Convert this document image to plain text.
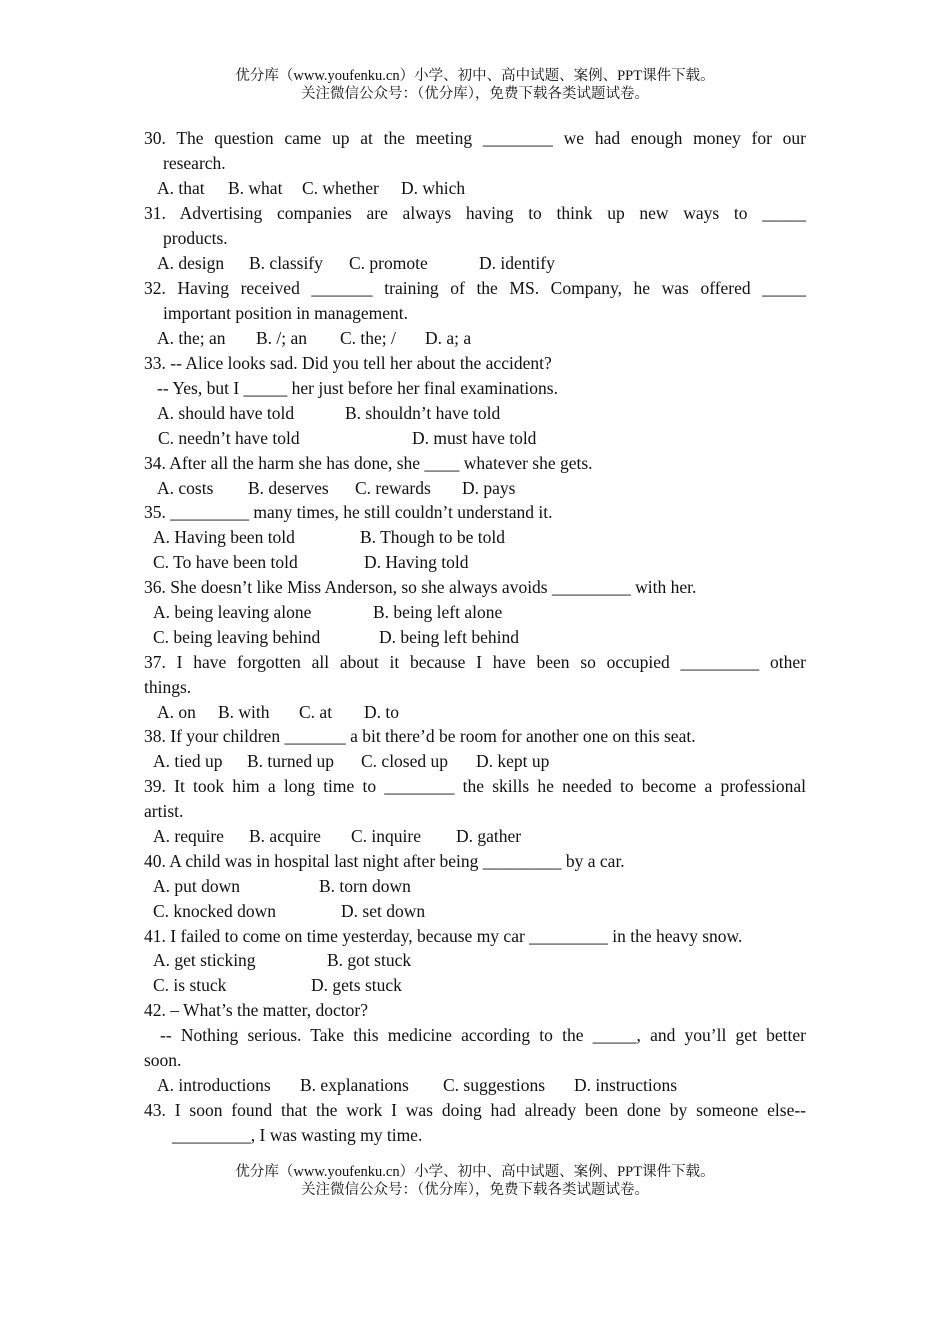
优分库（www.youfenku.cn）小学、初中、高中试题、案例、PPT课件下载。
关注微信公众号：（优分库），免费下载各类试题试卷。
30. The question came up at the meeting ________ we had enough money for our
research.
A. that B. what C. whether D. which
31. Advertising companies are always having to think up new ways to _____
products.
A. design B. classify C. promote	D. identify
32. Having received _______ training of the MS. Company, he was offered _____
important position in management.
A. the; an B. /; an C. the; / D. a; a
33. -- Alice looks sad. Did you tell her about the accident?
-- Yes, but I _____ her just before her final examinations.
A. should have told	B. shouldn’t have told
C. needn’t have told	D. must have told
34. After all the harm she has done, she ____ whatever she gets.
A. costs B. deserves C. rewards D. pays
35. _________ many times, he still couldn’t understand it.
A. Having been told	B. Though to be told
C. To have been told	D. Having told
36. She doesn’t like Miss Anderson, so she always avoids _________ with her.
A. being leaving alone	B. being left alone
C. being leaving behind	D. being left behind
37. I have forgotten all about it because I have been so occupied _________ other
things.
A. on B. with C. at D. to
38. If your children _______ a bit there’d be room for another one on this seat.
A. tied up B. turned up C. closed up D. kept up
39. It took him a long time to ________ the skills he needed to become a professional
artist.
A. require B. acquire C. inquire D. gather
40. A child was in hospital last night after being _________ by a car.
A. put down	B. torn down
C. knocked down	D. set down
41. I failed to come on time yesterday, because my car _________ in the heavy snow.
A. get sticking	B. got stuck
C. is stuck	D. gets stuck
42. – What’s the matter, doctor?
-- Nothing serious. Take this medicine according to the _____, and you’ll get better
soon.
A. introductions B. explanations C. suggestions D. instructions
43. I soon found that the work I was doing had already been done by someone else--
_________, I was wasting my time.
优分库（www.youfenku.cn）小学、初中、高中试题、案例、PPT课件下载。
关注微信公众号：（优分库），免费下载各类试题试卷。
